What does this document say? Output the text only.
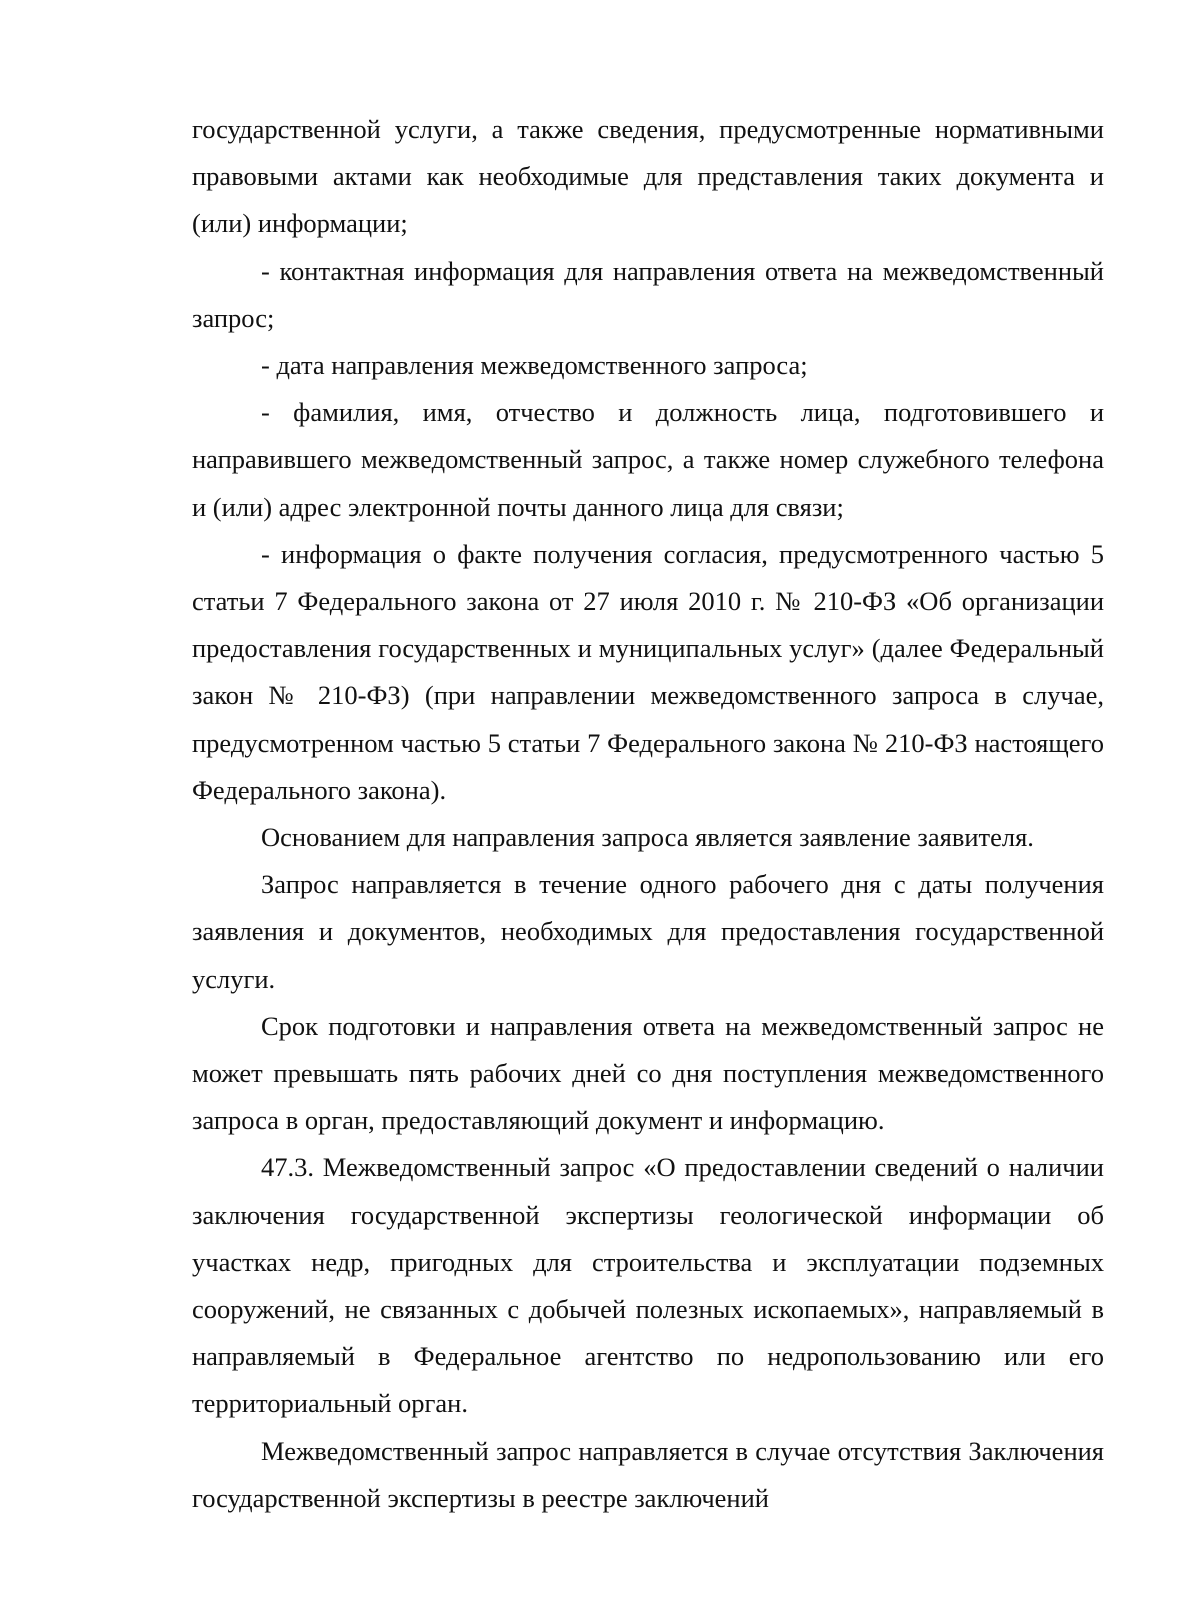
государственной услуги, а также сведения, предусмотренные нормативными правовыми актами как необходимые для представления таких документа и (или) информации;

- контактная информация для направления ответа на межведомственный запрос;

- дата направления межведомственного запроса;

- фамилия, имя, отчество и должность лица, подготовившего и направившего межведомственный запрос, а также номер служебного телефона и (или) адрес электронной почты данного лица для связи;

- информация о факте получения согласия, предусмотренного частью 5 статьи 7 Федерального закона от 27 июля 2010 г. № 210-ФЗ «Об организации предоставления государственных и муниципальных услуг» (далее Федеральный закон № 210-ФЗ) (при направлении межведомственного запроса в случае, предусмотренном частью 5 статьи 7 Федерального закона № 210-ФЗ настоящего Федерального закона).

Основанием для направления запроса является заявление заявителя.

Запрос направляется в течение одного рабочего дня с даты получения заявления и документов, необходимых для предоставления государственной услуги.

Срок подготовки и направления ответа на межведомственный запрос не может превышать пять рабочих дней со дня поступления межведомственного запроса в орган, предоставляющий документ и информацию.

47.3. Межведомственный запрос «О предоставлении сведений о наличии заключения государственной экспертизы геологической информации об участках недр, пригодных для строительства и эксплуатации подземных сооружений, не связанных с добычей полезных ископаемых», направляемый в направляемый в Федеральное агентство по недропользованию или его территориальный орган.

Межведомственный запрос направляется в случае отсутствия Заключения государственной экспертизы в реестре заключений
